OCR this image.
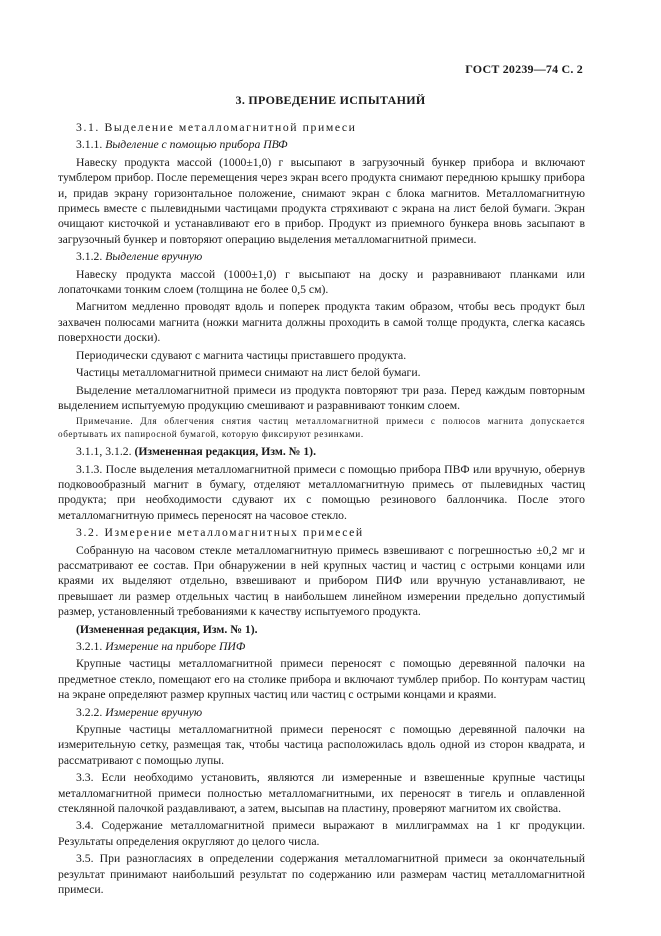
ГОСТ 20239—74 С. 2
3. ПРОВЕДЕНИЕ ИСПЫТАНИЙ

3.1. Выделение металломагнитной примеси

3.1.1. Выделение с помощью прибора ПВФ

Навеску продукта массой (1000±1,0) г высыпают в загрузочный бункер прибора и включают тумблером прибор. После перемещения через экран всего продукта снимают переднюю крышку прибора и, придав экрану горизонтальное положение, снимают экран с блока магнитов. Металломагнитную примесь вместе с пылевидными частицами продукта стряхивают с экрана на лист белой бумаги. Экран очищают кисточкой и устанавливают его в прибор. Продукт из приемного бункера вновь засыпают в загрузочный бункер и повторяют операцию выделения металломагнитной примеси.

3.1.2. Выделение вручную

Навеску продукта массой (1000±1,0) г высыпают на доску и разравнивают планками или лопаточками тонким слоем (толщина не более 0,5 см).

Магнитом медленно проводят вдоль и поперек продукта таким образом, чтобы весь продукт был захвачен полюсами магнита (ножки магнита должны проходить в самой толще продукта, слегка касаясь поверхности доски).

Периодически сдувают с магнита частицы приставшего продукта.

Частицы металломагнитной примеси снимают на лист белой бумаги.

Выделение металломагнитной примеси из продукта повторяют три раза. Перед каждым повторным выделением испытуемую продукцию смешивают и разравнивают тонким слоем.

Примечание. Для облегчения снятия частиц металломагнитной примеси с полюсов магнита допускается обертывать их папиросной бумагой, которую фиксируют резинками.

3.1.1, 3.1.2. (Измененная редакция, Изм. № 1).

3.1.3. После выделения металломагнитной примеси с помощью прибора ПВФ или вручную, обернув подковообразный магнит в бумагу, отделяют металломагнитную примесь от пылевидных частиц продукта; при необходимости сдувают их с помощью резинового баллончика. После этого металломагнитную примесь переносят на часовое стекло.

3.2. Измерение металломагнитных примесей

Собранную на часовом стекле металломагнитную примесь взвешивают с погрешностью ±0,2 мг и рассматривают ее состав. При обнаружении в ней крупных частиц и частиц с острыми концами или краями их выделяют отдельно, взвешивают и прибором ПИФ или вручную устанавливают, не превышает ли размер отдельных частиц в наибольшем линейном измерении предельно допустимый размер, установленный требованиями к качеству испытуемого продукта.

(Измененная редакция, Изм. № 1).

3.2.1. Измерение на приборе ПИФ

Крупные частицы металломагнитной примеси переносят с помощью деревянной палочки на предметное стекло, помещают его на столике прибора и включают тумблер прибор. По контурам частиц на экране определяют размер крупных частиц или частиц с острыми концами и краями.

3.2.2. Измерение вручную

Крупные частицы металломагнитной примеси переносят с помощью деревянной палочки на измерительную сетку, размещая так, чтобы частица расположилась вдоль одной из сторон квадрата, и рассматривают с помощью лупы.

3.3. Если необходимо установить, являются ли измеренные и взвешенные крупные частицы металломагнитной примеси полностью металломагнитными, их переносят в тигель и оплавленной стеклянной палочкой раздавливают, а затем, высыпав на пластину, проверяют магнитом их свойства.

3.4. Содержание металломагнитной примеси выражают в миллиграммах на 1 кг продукции. Результаты определения округляют до целого числа.

3.5. При разногласиях в определении содержания металломагнитной примеси за окончательный результат принимают наибольший результат по содержанию или размерам частиц металломагнитной примеси.
